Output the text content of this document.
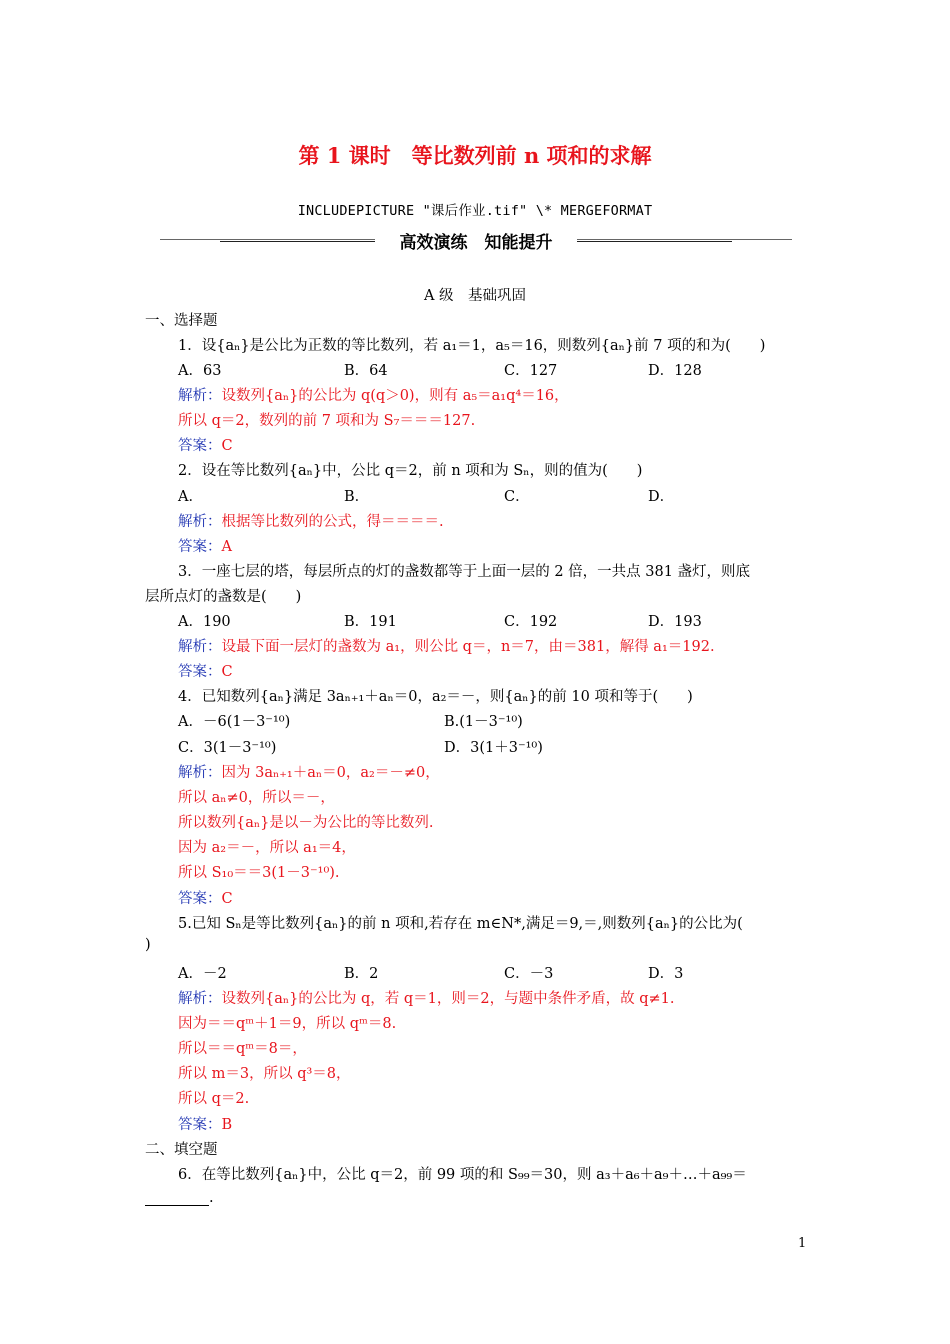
第 1 课时　等比数列前 n 项和的求解
INCLUDEPICTURE "课后作业.tif" \* MERGEFORMAT
高效演练　知能提升
A 级　基础巩固
一、选择题
1．设{aₙ}是公比为正数的等比数列，若 a₁＝1，a₅＝16，则数列{aₙ}前 7 项的和为(　　)
A．63	B．64	C．127	D．128
解析：设数列{aₙ}的公比为 q(q＞0)，则有 a₅＝a₁q⁴＝16，
所以 q＝2，数列的前 7 项和为 S₇＝＝＝127.
答案：C
2．设在等比数列{aₙ}中，公比 q＝2，前 n 项和为 Sₙ，则的值为(　　)
A．	B．	C．	D．
解析：根据等比数列的公式，得＝＝＝＝.
答案：A
3．一座七层的塔，每层所点的灯的盏数都等于上面一层的 2 倍，一共点 381 盏灯，则底
层所点灯的盏数是(　　)
A．190	B．191	C．192	D．193
解析：设最下面一层灯的盏数为 a₁，则公比 q＝，n＝7，由＝381，解得 a₁＝192.
答案：C
4．已知数列{aₙ}满足 3aₙ₊₁＋aₙ＝0，a₂＝－，则{aₙ}的前 10 项和等于(　　)
A．－6(1－3⁻¹⁰)	B.(1－3⁻¹⁰)
C．3(1－3⁻¹⁰)	D．3(1＋3⁻¹⁰)
解析：因为 3aₙ₊₁＋aₙ＝0，a₂＝－≠0，
所以 aₙ≠0，所以＝－，
所以数列{aₙ}是以－为公比的等比数列.
因为 a₂＝－，所以 a₁＝4，
所以 S₁₀＝＝3(1－3⁻¹⁰).
答案：C
5.已知 Sₙ是等比数列{aₙ}的前 n 项和,若存在 m∈N*,满足＝9,＝,则数列{aₙ}的公比为(
)
A．－2	B．2	C．－3	D．3
解析：设数列{aₙ}的公比为 q，若 q＝1，则＝2，与题中条件矛盾，故 q≠1.
因为＝＝qᵐ＋1＝9，所以 qᵐ＝8.
所以＝＝qᵐ＝8＝，
所以 m＝3，所以 q³＝8，
所以 q＝2.
答案：B
二、填空题
6．在等比数列{aₙ}中，公比 q＝2，前 99 项的和 S₉₉＝30，则 a₃＋a₆＋a₉＋…＋a₉₉＝
.
1
